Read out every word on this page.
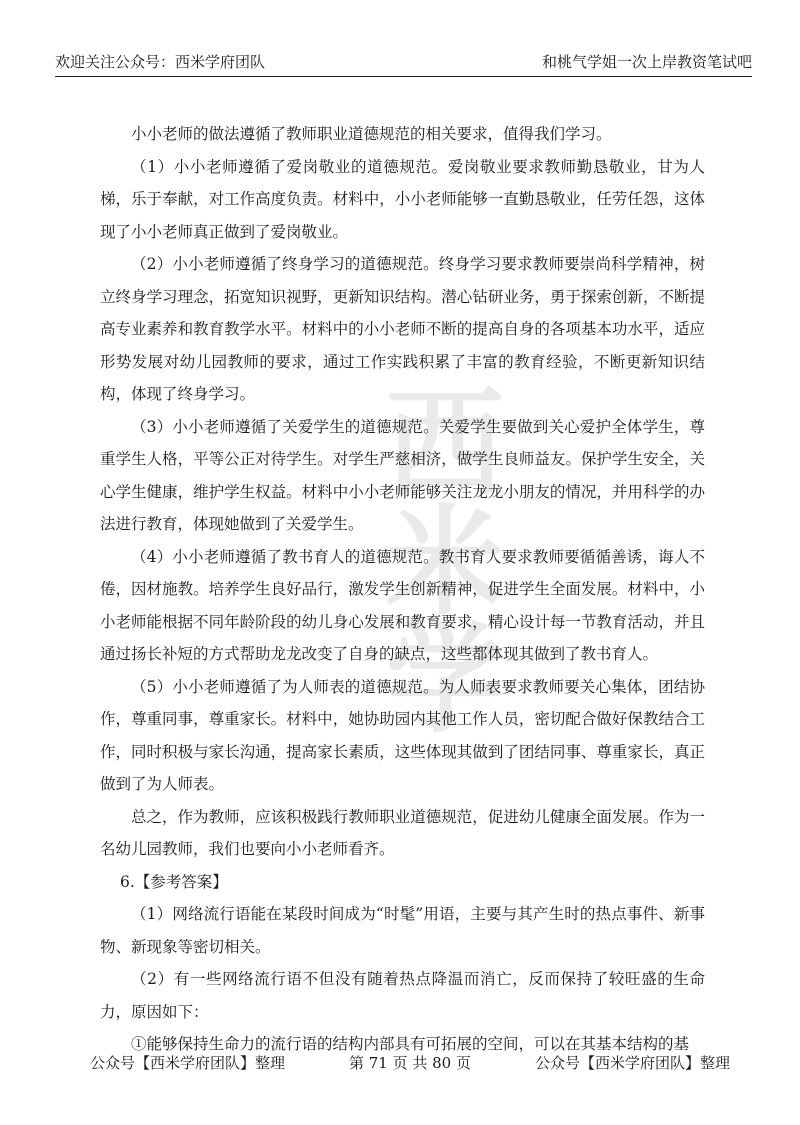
欢迎关注公众号：西米学府团队	和桃气学姐一次上岸教资笔试吧
西
米
学

小小老师的做法遵循了教师职业道德规范的相关要求，值得我们学习。

（1）小小老师遵循了爱岗敬业的道德规范。爱岗敬业要求教师勤恳敬业，甘为人梯，乐于奉献，对工作高度负责。材料中，小小老师能够一直勤恳敬业，任劳任怨，这体现了小小老师真正做到了爱岗敬业。

（2）小小老师遵循了终身学习的道德规范。终身学习要求教师要崇尚科学精神，树立终身学习理念，拓宽知识视野，更新知识结构。潜心钻研业务，勇于探索创新，不断提高专业素养和教育教学水平。材料中的小小老师不断的提高自身的各项基本功水平，适应形势发展对幼儿园教师的要求，通过工作实践积累了丰富的教育经验，不断更新知识结构，体现了终身学习。

（3）小小老师遵循了关爱学生的道德规范。关爱学生要做到关心爱护全体学生，尊重学生人格，平等公正对待学生。对学生严慈相济，做学生良师益友。保护学生安全，关心学生健康，维护学生权益。材料中小小老师能够关注龙龙小朋友的情况，并用科学的办法进行教育，体现她做到了关爱学生。

（4）小小老师遵循了教书育人的道德规范。教书育人要求教师要循循善诱，诲人不倦，因材施教。培养学生良好品行，激发学生创新精神，促进学生全面发展。材料中，小小老师能根据不同年龄阶段的幼儿身心发展和教育要求，精心设计每一节教育活动，并且通过扬长补短的方式帮助龙龙改变了自身的缺点，这些都体现其做到了教书育人。

（5）小小老师遵循了为人师表的道德规范。为人师表要求教师要关心集体，团结协作，尊重同事，尊重家长。材料中，她协助园内其他工作人员，密切配合做好保教结合工作，同时积极与家长沟通，提高家长素质，这些体现其做到了团结同事、尊重家长，真正做到了为人师表。

总之，作为教师，应该积极践行教师职业道德规范，促进幼儿健康全面发展。作为一名幼儿园教师，我们也要向小小老师看齐。

6.【参考答案】

（1）网络流行语能在某段时间成为“时髦”用语，主要与其产生时的热点事件、新事物、新现象等密切相关。

（2）有一些网络流行语不但没有随着热点降温而消亡，反而保持了较旺盛的生命力，原因如下：

①能够保持生命力的流行语的结构内部具有可拓展的空间，可以在其基本结构的基

公众号【西米学府团队】整理	第 71 页 共 80 页	公众号【西米学府团队】整理
